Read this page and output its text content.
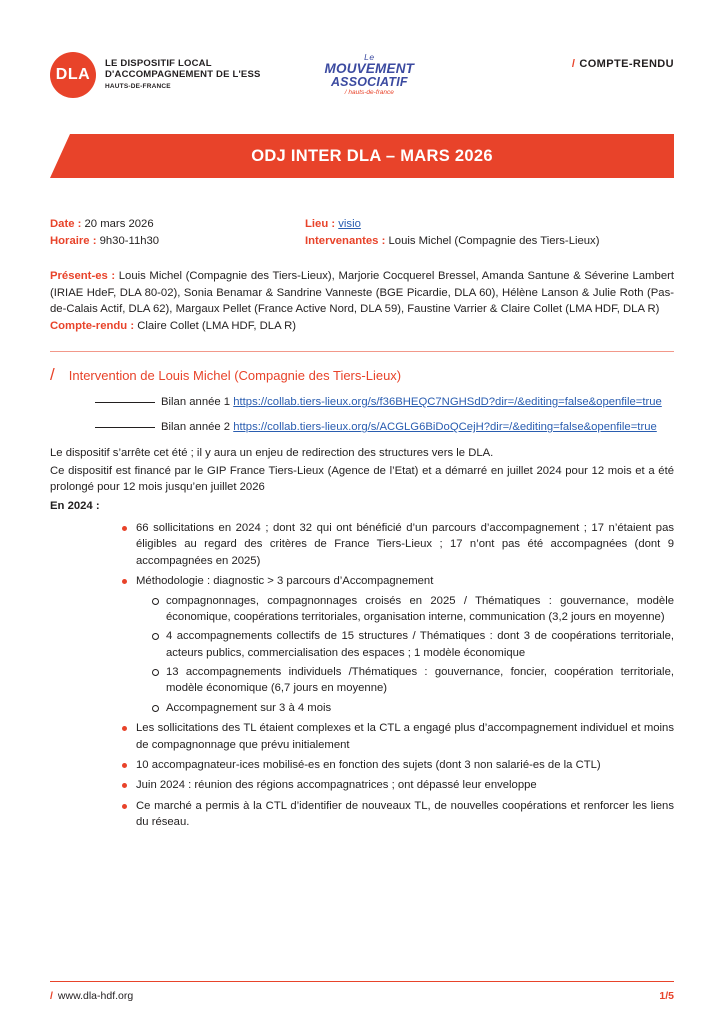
DLA
LE DISPOSITIF LOCAL
D'ACCOMPAGNEMENT DE L'ESS
HAUTS-DE-FRANCE
Le
MOUVEMENT
ASSOCIATIF
/ hauts-de-france
/ COMPTE-RENDU
ODJ INTER DLA – MARS 2026
Date : 20 mars 2026
Horaire : 9h30-11h30
Lieu : visio
Intervenantes : Louis Michel (Compagnie des Tiers-Lieux)
Présent-es : Louis Michel (Compagnie des Tiers-Lieux), Marjorie Cocquerel Bressel, Amanda Santune & Séverine Lambert (IRIAE HdeF, DLA 80-02), Sonia Benamar & Sandrine Vanneste (BGE Picardie, DLA 60), Hélène Lanson & Julie Roth (Pas-de-Calais Actif, DLA 62), Margaux Pellet (France Active Nord, DLA 59), Faustine Varrier & Claire Collet (LMA HDF, DLA R)
Compte-rendu : Claire Collet (LMA HDF, DLA R)
/ Intervention de Louis Michel (Compagnie des Tiers-Lieux)
Bilan année 1 https://collab.tiers-lieux.org/s/f36BHEQC7NGHSdD?dir=/&editing=false&openfile=true
Bilan année 2 https://collab.tiers-lieux.org/s/ACGLG6BiDoQCejH?dir=/&editing=false&openfile=true
Le dispositif s’arrête cet été ; il y aura un enjeu de redirection des structures vers le DLA.
Ce dispositif est financé par le GIP France Tiers-Lieux (Agence de l’Etat) et a démarré en juillet 2024 pour 12 mois et a été prolongé pour 12 mois jusqu’en juillet 2026
En 2024 :
66 sollicitations en 2024 ; dont 32 qui ont bénéficié d’un parcours d’accompagnement ; 17 n’étaient pas éligibles au regard des critères de France Tiers-Lieux ; 17 n’ont pas été accompagnées (dont 9 accompagnées en 2025)
Méthodologie : diagnostic > 3 parcours d’Accompagnement
compagnonnages, compagnonnages croisés en 2025 / Thématiques : gouvernance, modèle économique, coopérations territoriales, organisation interne, communication (3,2 jours en moyenne)
4 accompagnements collectifs de 15 structures / Thématiques : dont 3 de coopérations territoriale, acteurs publics, commercialisation des espaces ; 1 modèle économique
13 accompagnements individuels /Thématiques : gouvernance, foncier, coopération territoriale, modèle économique (6,7 jours en moyenne)
Accompagnement sur 3 à 4 mois
Les sollicitations des TL étaient complexes et la CTL a engagé plus d’accompagnement individuel et moins de compagnonnage que prévu initialement
10 accompagnateur-ices mobilisé-es en fonction des sujets (dont 3 non salarié-es de la CTL)
Juin 2024 : réunion des régions accompagnatrices ; ont dépassé leur enveloppe
Ce marché a permis à la CTL d’identifier de nouveaux TL, de nouvelles coopérations et renforcer les liens du réseau.
/ www.dla-hdf.org	1/5
